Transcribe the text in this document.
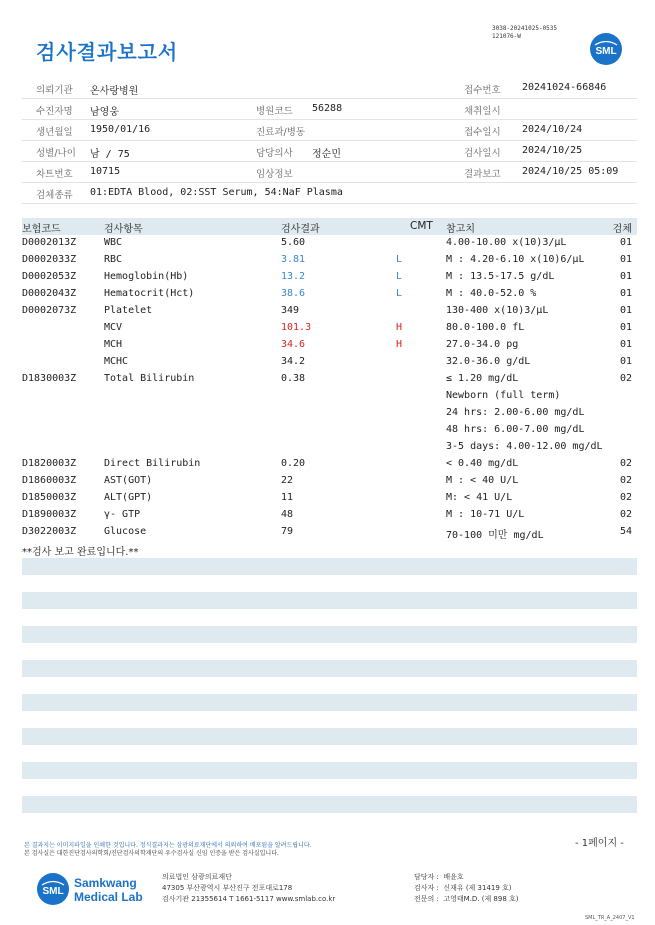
3038-20241025-0535
121076-W
검사결과보고서	SML
의뢰기관 온사랑병원	접수번호 20241024-66846
수진자명 남영웅	병원코드 56288	채취일시
생년월일 1950/01/16	진료과/병동	접수일시 2024/10/24
성별/나이 남 / 75	담당의사 정순민	검사일시 2024/10/25
차트번호 10715	임상정보	결과보고 2024/10/25 05:09
검체종류 01:EDTA Blood, 02:SST Serum, 54:NaF Plasma
보험코드	검사항목	검사결과	CMT 참고치	검체
D0002013Z	WBC	5.60	4.00-10.00 x(10)3/μL	01
D0002033Z	RBC	3.81	L	M : 4.20-6.10 x(10)6/μL	01
D0002053Z	Hemoglobin(Hb)	13.2	L	M : 13.5-17.5 g/dL	01
D0002043Z	Hematocrit(Hct)	38.6	L	M : 40.0-52.0 %	01
D0002073Z	Platelet	349	130-400 x(10)3/μL	01
MCV	101.3	H	80.0-100.0 fL	01
MCH	34.6	H	27.0-34.0 pg	01
MCHC	34.2	32.0-36.0 g/dL	01
D1830003Z	Total Bilirubin	0.38	≤ 1.20 mg/dL	02
Newborn (full term)
24 hrs: 2.00-6.00 mg/dL
48 hrs: 6.00-7.00 mg/dL
3-5 days: 4.00-12.00 mg/dL
D1820003Z	Direct Bilirubin	0.20	< 0.40 mg/dL	02
D1860003Z	AST(GOT)	22	M : < 40 U/L	02
D1850003Z	ALT(GPT)	11	M: < 41 U/L	02
D1890003Z	γ- GTP	48	M : 10-71 U/L	02
D3022003Z	Glucose	79	70-100 미만 mg/dL	54
**검사 보고 완료입니다.**
- 1페이지 -
본 결과지는 이미지파일을 인쇄한 것입니다. 정식결과지는 삼광의료재단에서 의뢰하여 배포됨을 알려드립니다.
본 검사실은 대한진단검사의학회/진단검사의학재단의 우수검사실 신임 인증을 받은 검사실입니다.
SML
Samkwang
Medical Lab
의료법인 삼광의료재단
47305 부산광역시 부산진구 전포대로178
검사기관 21355614 T 1661-5117 www.smlab.co.kr
담당자 :  배윤호
검사자 :  신재유 (제 31419 호)
전문의 :  고영태M.D. (제 898 호)
SML_TR_A_2407_V1
